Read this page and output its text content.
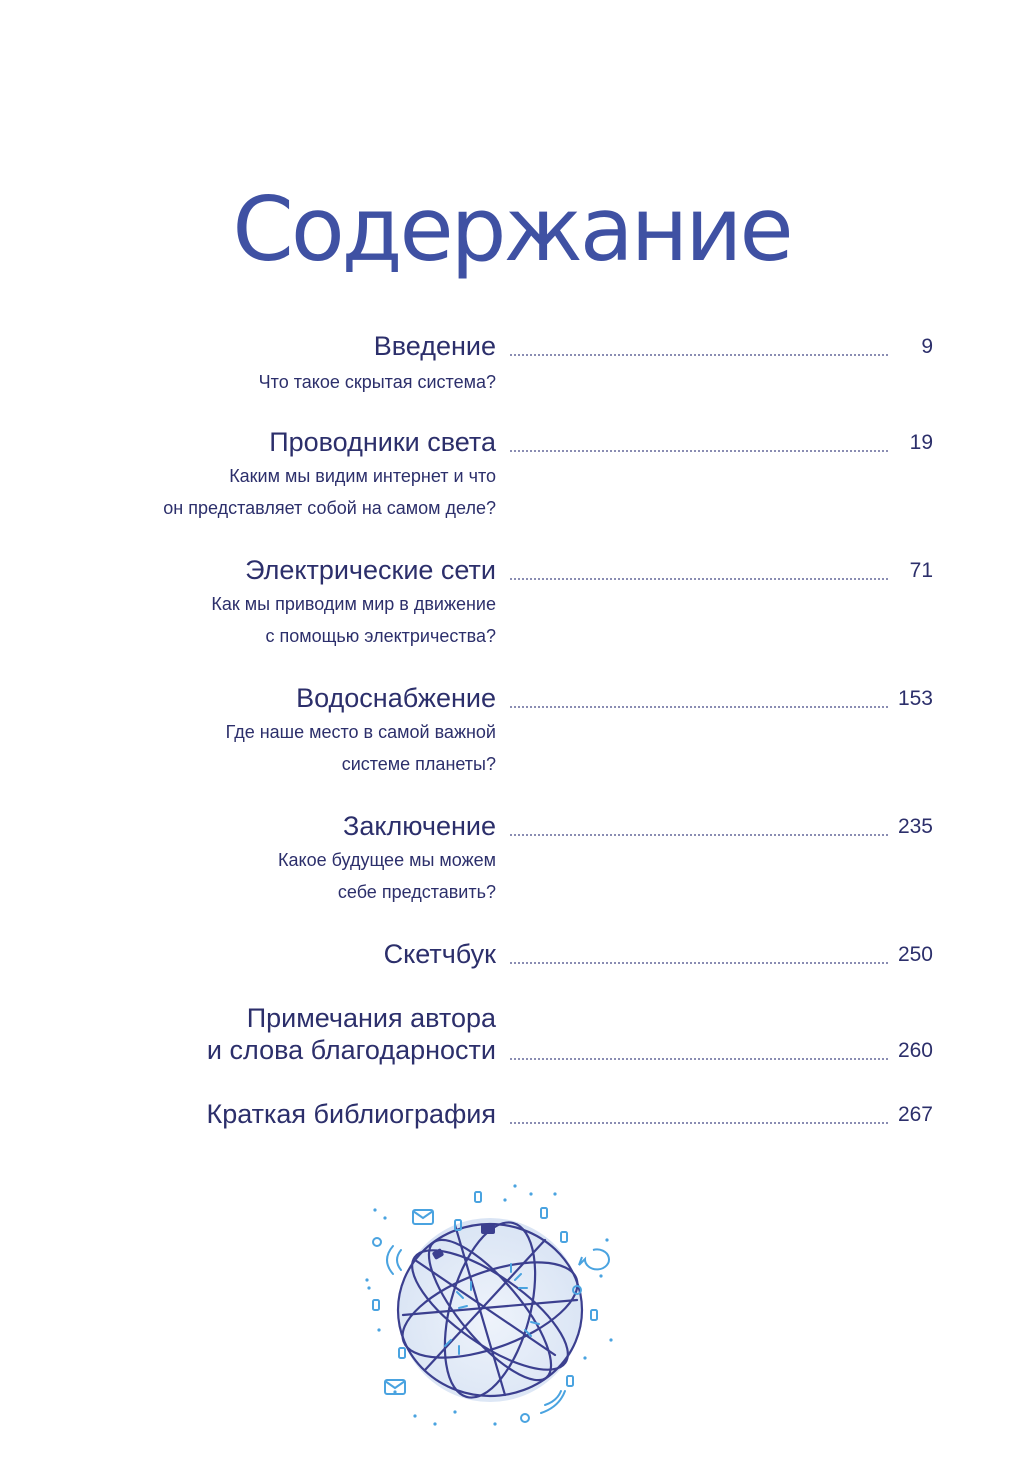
Содержание
Введение	9
Что такое скрытая система?
Проводники света	19
Каким мы видим интернет и что
он представляет собой на самом деле?
Электрические сети	71
Как мы приводим мир в движение
с помощью электричества?
Водоснабжение	153
Где наше место в самой важной
системе планеты?
Заключение	235
Какое будущее мы можем
себе представить?
Скетчбук	250
Примечания автора
и слова благодарности	260
Краткая библиография	267
